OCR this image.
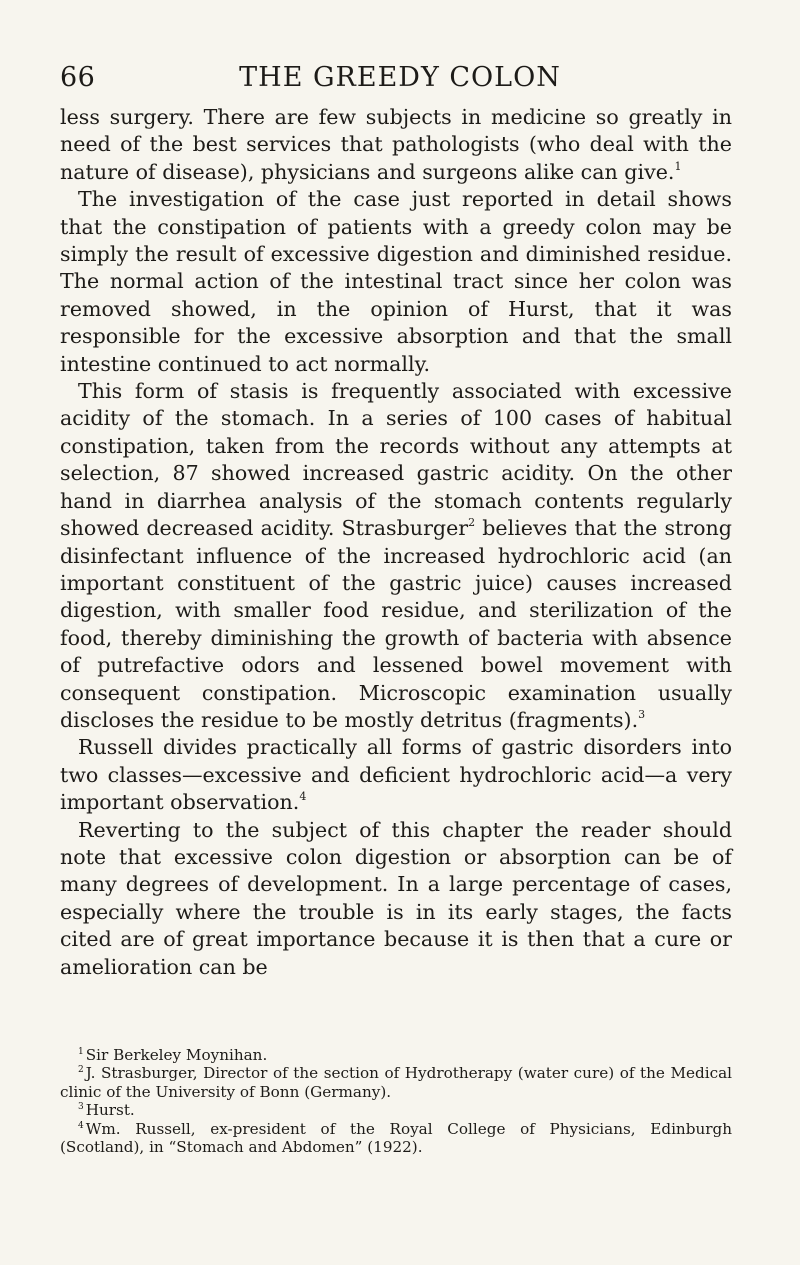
66	THE GREEDY COLON

less surgery. There are few subjects in medicine so greatly in need of the best services that pathologists (who deal with the nature of disease), physicians and surgeons alike can give.$^1$

The investigation of the case just reported in detail shows that the constipation of patients with a greedy colon may be simply the result of excessive digestion and diminished residue. The normal action of the intestinal tract since her colon was removed showed, in the opinion of Hurst, that it was responsible for the excessive absorption and that the small intestine continued to act normally.

This form of stasis is frequently associated with excessive acidity of the stomach. In a series of 100 cases of habitual constipation, taken from the records without any attempts at selection, 87 showed increased gastric acidity. On the other hand in diarrhea analysis of the stomach contents regularly showed decreased acidity. Strasburger$^2$ believes that the strong disinfectant influence of the increased hydrochloric acid (an important constituent of the gastric juice) causes increased digestion, with smaller food residue, and sterilization of the food, thereby diminishing the growth of bacteria with absence of putrefactive odors and lessened bowel movement with consequent constipation. Microscopic examination usually discloses the residue to be mostly detritus (fragments).$^3$

Russell divides practically all forms of gastric disorders into two classes—excessive and deficient hydrochloric acid—a very important observation.$^4$

Reverting to the subject of this chapter the reader should note that excessive colon digestion or absorption can be of many degrees of development. In a large percentage of cases, especially where the trouble is in its early stages, the facts cited are of great importance because it is then that a cure or amelioration can be

$^1$ Sir Berkeley Moynihan.

$^2$ J. Strasburger, Director of the section of Hydrotherapy (water cure) of the Medical clinic of the University of Bonn (Germany).

$^3$ Hurst.

$^4$ Wm. Russell, ex-president of the Royal College of Physicians, Edinburgh (Scotland), in “Stomach and Abdomen” (1922).
